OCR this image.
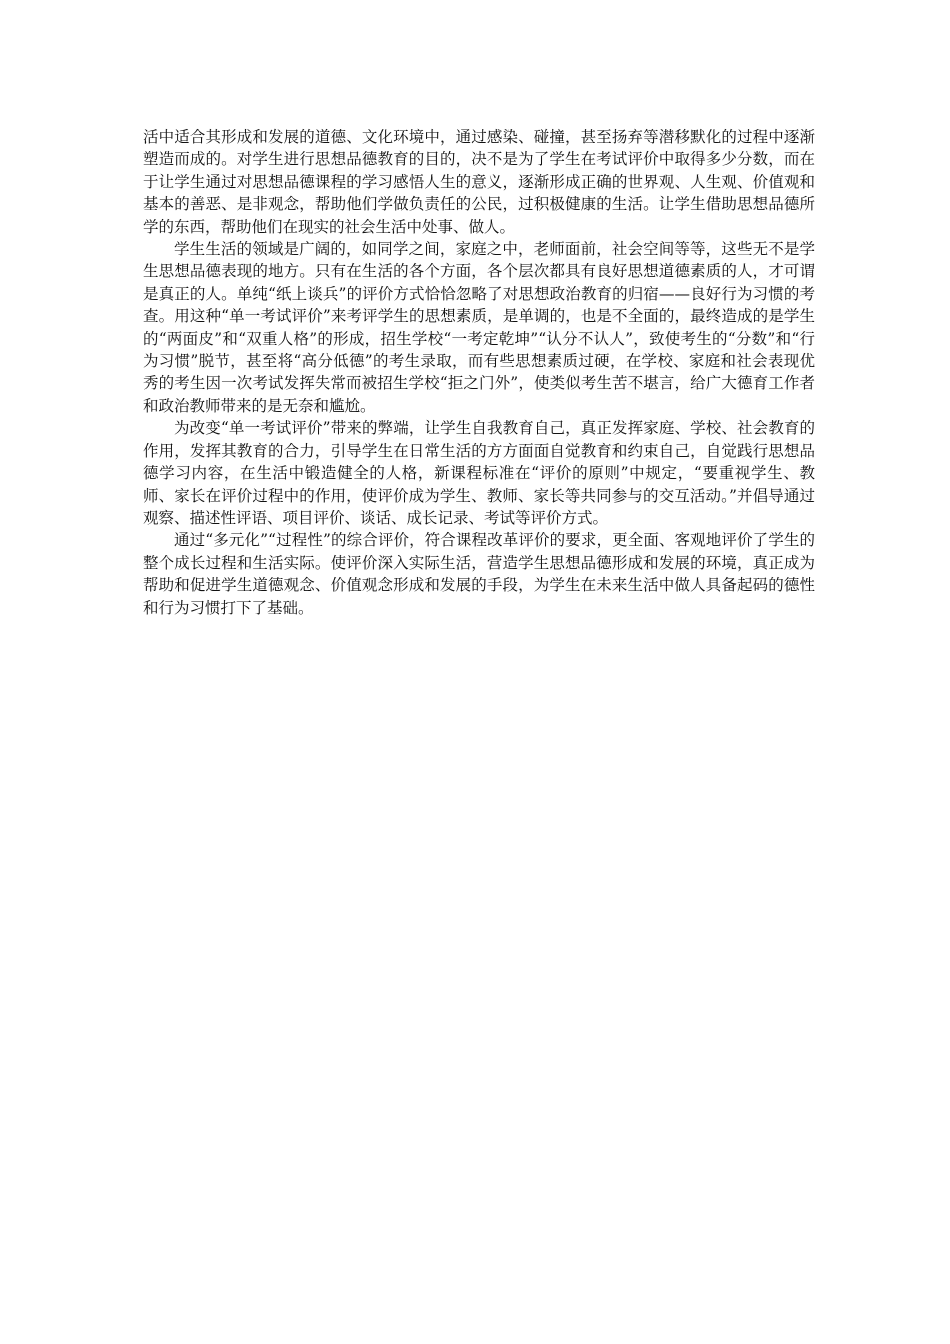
活中适合其形成和发展的道德、文化环境中，通过感染、碰撞，甚至扬弃等潜移默化的过程中逐渐塑造而成的。对学生进行思想品德教育的目的，决不是为了学生在考试评价中取得多少分数，而在于让学生通过对思想品德课程的学习感悟人生的意义，逐渐形成正确的世界观、人生观、价值观和基本的善恶、是非观念，帮助他们学做负责任的公民，过积极健康的生活。让学生借助思想品德所学的东西，帮助他们在现实的社会生活中处事、做人。

学生生活的领域是广阔的，如同学之间，家庭之中，老师面前，社会空间等等，这些无不是学生思想品德表现的地方。只有在生活的各个方面，各个层次都具有良好思想道德素质的人，才可谓是真正的人。单纯“纸上谈兵”的评价方式恰恰忽略了对思想政治教育的归宿——良好行为习惯的考查。用这种“单一考试评价”来考评学生的思想素质，是单调的，也是不全面的，最终造成的是学生的“两面皮”和“双重人格”的形成，招生学校“一考定乾坤”“认分不认人”，致使考生的“分数”和“行为习惯”脱节，甚至将“高分低德”的考生录取，而有些思想素质过硬，在学校、家庭和社会表现优秀的考生因一次考试发挥失常而被招生学校“拒之门外”，使类似考生苦不堪言，给广大德育工作者和政治教师带来的是无奈和尴尬。

为改变“单一考试评价”带来的弊端，让学生自我教育自己，真正发挥家庭、学校、社会教育的作用，发挥其教育的合力，引导学生在日常生活的方方面面自觉教育和约束自己，自觉践行思想品德学习内容，在生活中锻造健全的人格，新课程标准在“评价的原则”中规定，“要重视学生、教师、家长在评价过程中的作用，使评价成为学生、教师、家长等共同参与的交互活动。”并倡导通过观察、描述性评语、项目评价、谈话、成长记录、考试等评价方式。

通过“多元化”“过程性”的综合评价，符合课程改革评价的要求，更全面、客观地评价了学生的整个成长过程和生活实际。使评价深入实际生活，营造学生思想品德形成和发展的环境，真正成为帮助和促进学生道德观念、价值观念形成和发展的手段，为学生在未来生活中做人具备起码的德性和行为习惯打下了基础。
